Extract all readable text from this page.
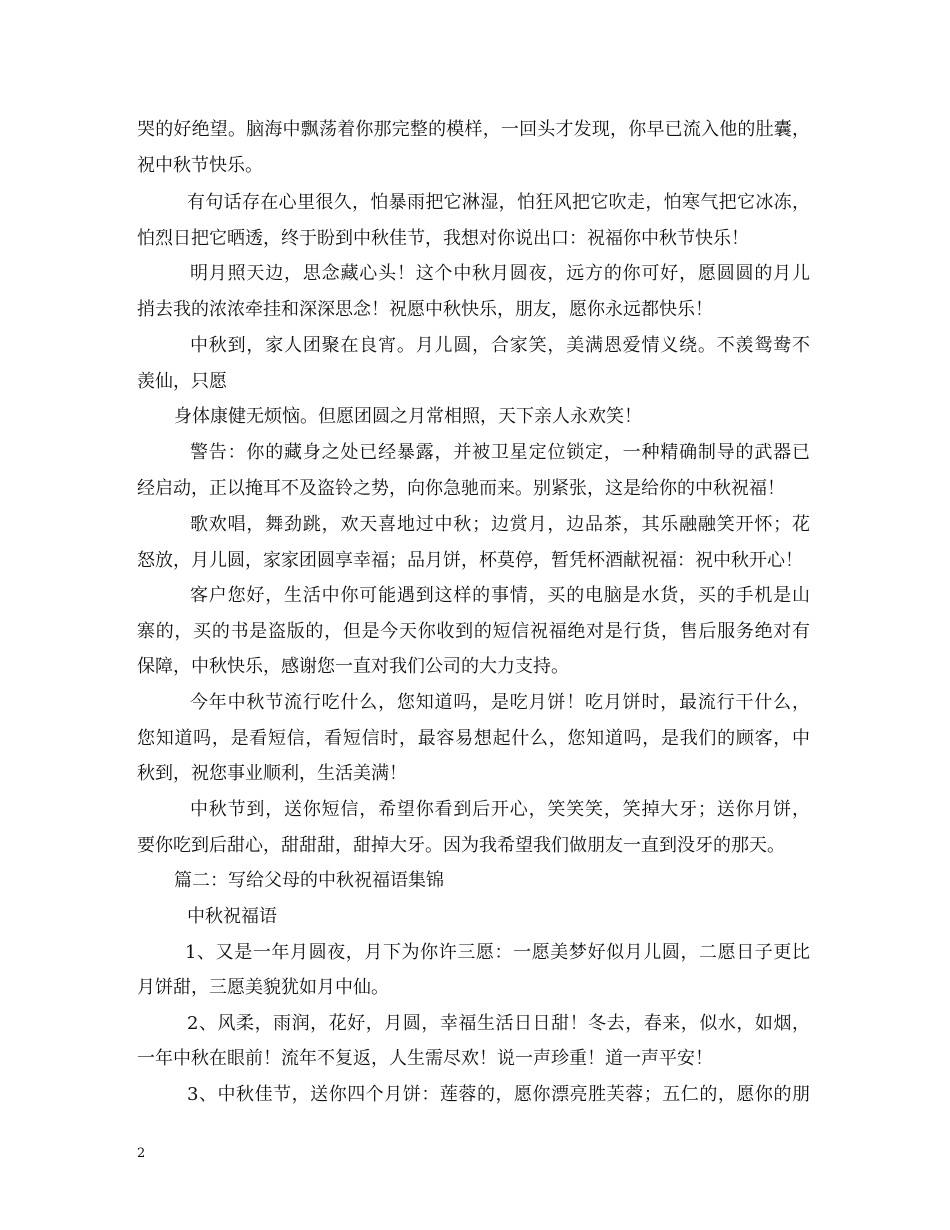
哭的好绝望。脑海中飘荡着你那完整的模样，一回头才发现，你早已流入他的肚囊，
祝中秋节快乐。
有句话存在心里很久，怕暴雨把它淋湿，怕狂风把它吹走，怕寒气把它冰冻，
怕烈日把它晒透，终于盼到中秋佳节，我想对你说出口：祝福你中秋节快乐！
明月照天边，思念藏心头！这个中秋月圆夜，远方的你可好，愿圆圆的月儿
捎去我的浓浓牵挂和深深思念！祝愿中秋快乐，朋友，愿你永远都快乐！
中秋到，家人团聚在良宵。月儿圆，合家笑，美满恩爱情义绕。不羡鸳鸯不
羡仙，只愿
身体康健无烦恼。但愿团圆之月常相照，天下亲人永欢笑！
警告：你的藏身之处已经暴露，并被卫星定位锁定，一种精确制导的武器已
经启动，正以掩耳不及盗铃之势，向你急驰而来。别紧张，这是给你的中秋祝福！
歌欢唱，舞劲跳，欢天喜地过中秋；边赏月，边品茶，其乐融融笑开怀；花
怒放，月儿圆，家家团圆享幸福；品月饼，杯莫停，暂凭杯酒献祝福：祝中秋开心！
客户您好，生活中你可能遇到这样的事情，买的电脑是水货，买的手机是山
寨的，买的书是盗版的，但是今天你收到的短信祝福绝对是行货，售后服务绝对有
保障，中秋快乐，感谢您一直对我们公司的大力支持。
今年中秋节流行吃什么，您知道吗，是吃月饼！吃月饼时，最流行干什么，
您知道吗，是看短信，看短信时，最容易想起什么，您知道吗，是我们的顾客，中
秋到，祝您事业顺利，生活美满！
中秋节到，送你短信，希望你看到后开心，笑笑笑，笑掉大牙；送你月饼，
要你吃到后甜心，甜甜甜，甜掉大牙。因为我希望我们做朋友一直到没牙的那天。
篇二：写给父母的中秋祝福语集锦
中秋祝福语
1、又是一年月圆夜，月下为你许三愿：一愿美梦好似月儿圆，二愿日子更比
月饼甜，三愿美貌犹如月中仙。
2、风柔，雨润，花好，月圆，幸福生活日日甜！冬去，春来，似水，如烟，
一年中秋在眼前！流年不复返，人生需尽欢！说一声珍重！道一声平安！
3、中秋佳节，送你四个月饼：莲蓉的，愿你漂亮胜芙蓉；五仁的，愿你的朋
2
